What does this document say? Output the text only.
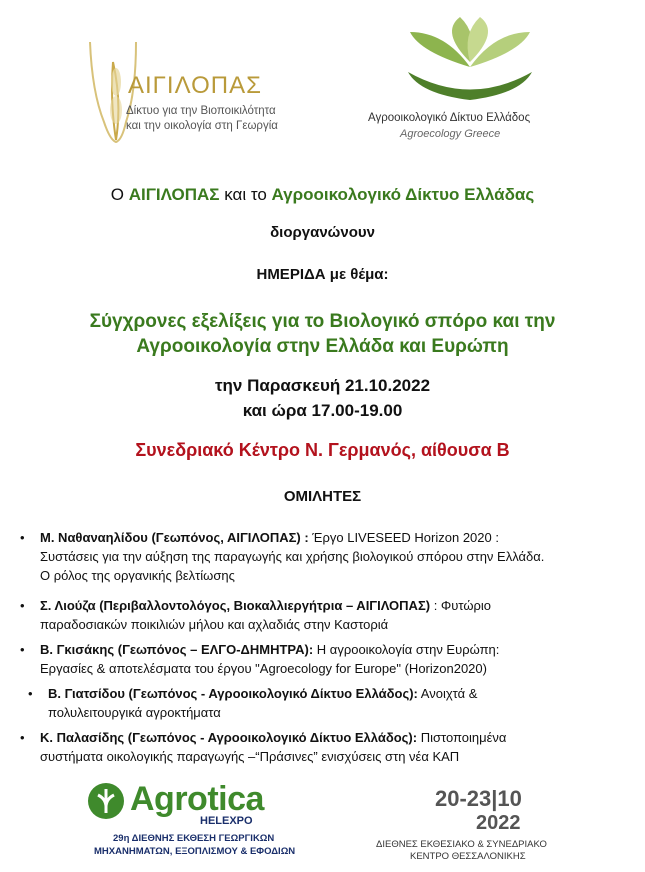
ΑΙΓΙΛΟΠΑΣ
Δίκτυο για την Βιοποικιλότητα
και την οικολογία στη Γεωργία
Αγροοικολογικό Δίκτυο Ελλάδος
Agroecology Greece
Ο ΑΙΓΙΛΟΠΑΣ και το Αγροοικολογικό Δίκτυο Ελλάδας
διοργανώνουν
ΗΜΕΡΙΔΑ με θέμα:
Σύγχρονες εξελίξεις για το Βιολογικό σπόρο και την
Αγροοικολογία στην Ελλάδα και Ευρώπη
την Παρασκευή 21.10.2022
και ώρα 17.00-19.00
Συνεδριακό Κέντρο Ν. Γερμανός, αίθουσα Β
ΟΜΙΛΗΤΕΣ
• Μ. Ναθαναηλίδου (Γεωπόνος, ΑΙΓΙΛΟΠΑΣ) : Έργο LIVESEED Horizon 2020 :
Συστάσεις για την αύξηση της παραγωγής και χρήσης βιολογικού σπόρου στην Ελλάδα.
Ο ρόλος της οργανικής βελτίωσης
• Σ. Λιούζα (Περιβαλλοντολόγος, Βιοκαλλιεργήτρια – ΑΙΓΙΛΟΠΑΣ) : Φυτώριο
παραδοσιακών ποικιλιών μήλου και αχλαδιάς στην Καστοριά
• Β. Γκισάκης (Γεωπόνος – ΕΛΓΟ-ΔΗΜΗΤΡΑ): Η αγροοικολογία στην Ευρώπη:
Εργασίες & αποτελέσματα του έργου "Agroecology for Europe" (Horizon2020)
• Β. Γιατσίδου (Γεωπόνος - Αγροοικολογικό Δίκτυο Ελλάδος): Ανοιχτά &
πολυλειτουργικά αγροκτήματα
• Κ. Παλασίδης (Γεωπόνος - Αγροοικολογικό Δίκτυο Ελλάδος): Πιστοποιημένα
συστήματα οικολογικής παραγωγής –“Πράσινες” ενισχύσεις στη νέα ΚΑΠ
Agrotica
HELEXPO
29η ΔΙΕΘΝΗΣ ΕΚΘΕΣΗ ΓΕΩΡΓΙΚΩΝ
ΜΗΧΑΝΗΜΑΤΩΝ, ΕΞΟΠΛΙΣΜΟΥ & ΕΦΟΔΙΩΝ
20-23|10
2022
ΔΙΕΘΝΕΣ ΕΚΘΕΣΙΑΚΟ & ΣΥΝΕΔΡΙΑΚΟ
ΚΕΝΤΡΟ ΘΕΣΣΑΛΟΝΙΚΗΣ
